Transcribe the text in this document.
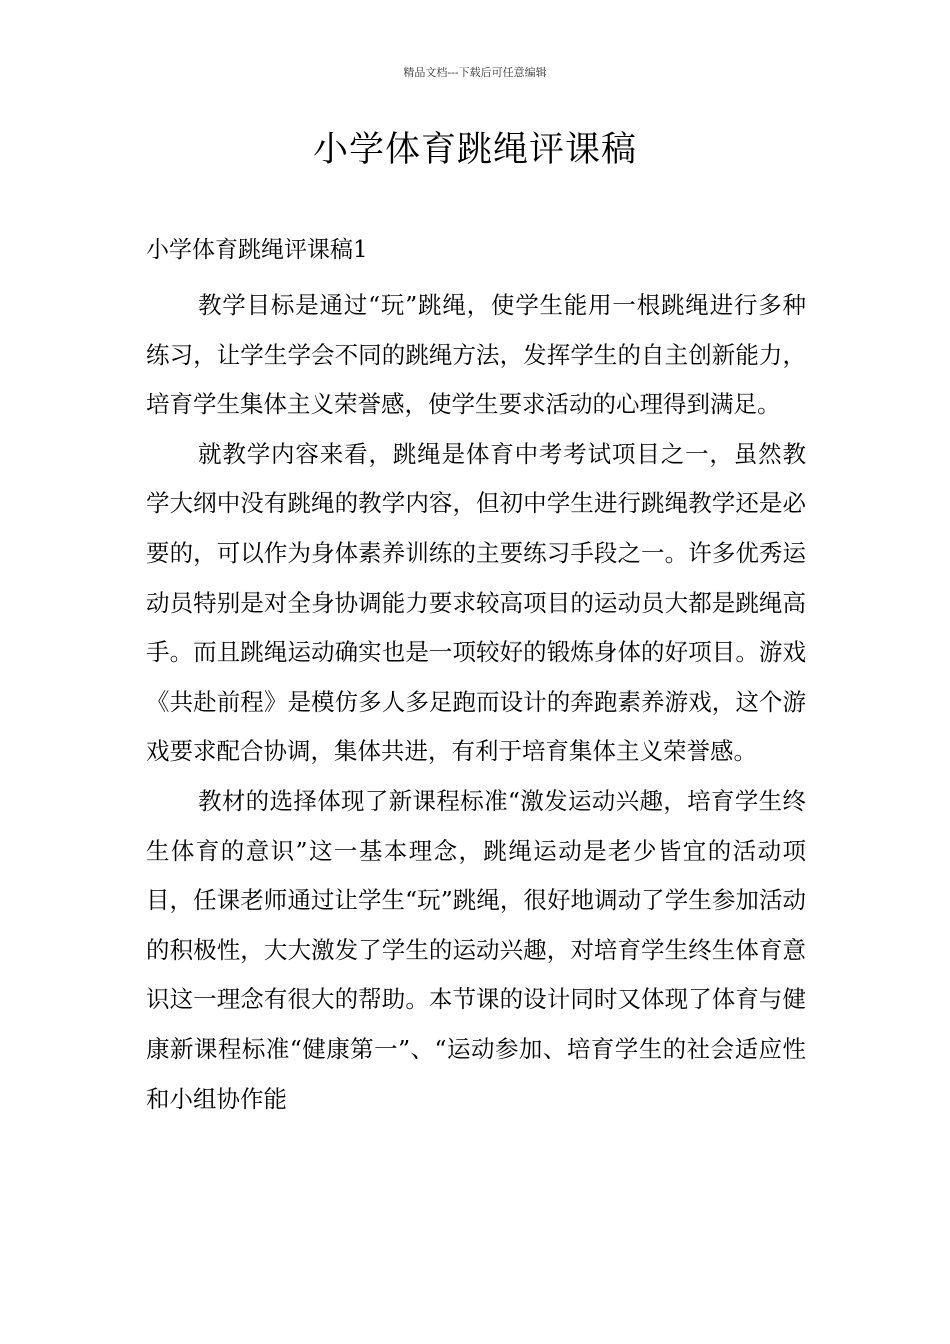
精品文档---下载后可任意编辑
小学体育跳绳评课稿
小学体育跳绳评课稿1

教学目标是通过“玩”跳绳，使学生能用一根跳绳进行多种练习，让学生学会不同的跳绳方法，发挥学生的自主创新能力，培育学生集体主义荣誉感，使学生要求活动的心理得到满足。

就教学内容来看，跳绳是体育中考考试项目之一，虽然教学大纲中没有跳绳的教学内容，但初中学生进行跳绳教学还是必要的，可以作为身体素养训练的主要练习手段之一。许多优秀运动员特别是对全身协调能力要求较高项目的运动员大都是跳绳高手。而且跳绳运动确实也是一项较好的锻炼身体的好项目。游戏《共赴前程》是模仿多人多足跑而设计的奔跑素养游戏，这个游戏要求配合协调，集体共进，有利于培育集体主义荣誉感。

教材的选择体现了新课程标准“激发运动兴趣，培育学生终生体育的意识”这一基本理念，跳绳运动是老少皆宜的活动项目，任课老师通过让学生“玩”跳绳，很好地调动了学生参加活动的积极性，大大激发了学生的运动兴趣，对培育学生终生体育意识这一理念有很大的帮助。本节课的设计同时又体现了体育与健康新课程标准“健康第一”、“运动参加、培育学生的社会适应性和小组协作能
